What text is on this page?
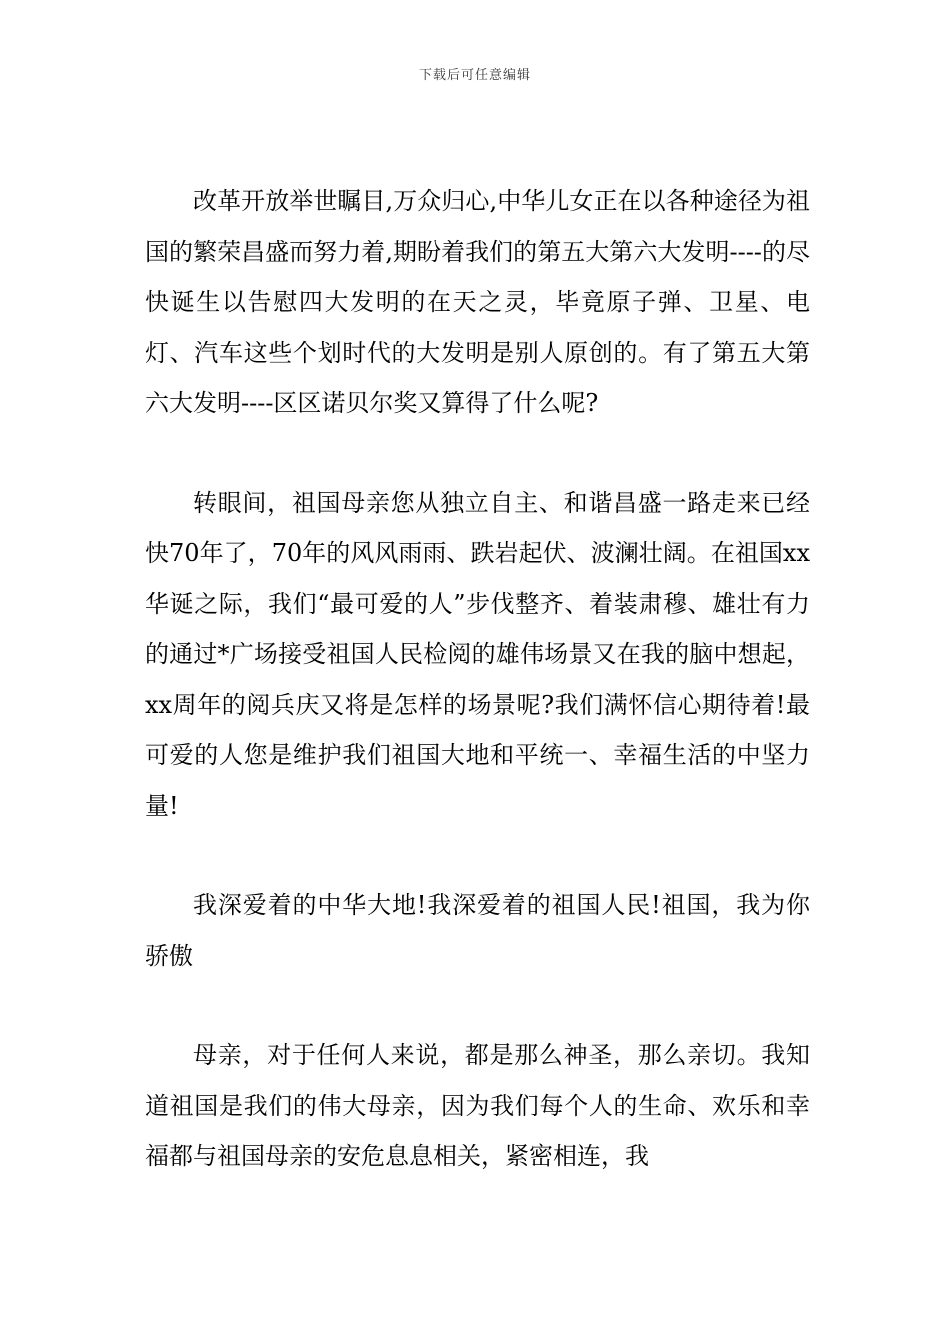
下载后可任意编辑

改革开放举世瞩目,万众归心,中华儿女正在以各种途径为祖国的繁荣昌盛而努力着,期盼着我们的第五大第六大发明----的尽快诞生以告慰四大发明的在天之灵，毕竟原子弹、卫星、电灯、汽车这些个划时代的大发明是别人原创的。有了第五大第六大发明----区区诺贝尔奖又算得了什么呢?

转眼间，祖国母亲您从独立自主、和谐昌盛一路走来已经快70年了，70年的风风雨雨、跌岩起伏、波澜壮阔。在祖国xx华诞之际，我们“最可爱的人”步伐整齐、着装肃穆、雄壮有力的通过*广场接受祖国人民检阅的雄伟场景又在我的脑中想起，xx周年的阅兵庆又将是怎样的场景呢?我们满怀信心期待着!最可爱的人您是维护我们祖国大地和平统一、幸福生活的中坚力量!

我深爱着的中华大地!我深爱着的祖国人民!祖国，我为你骄傲

母亲，对于任何人来说，都是那么神圣，那么亲切。我知道祖国是我们的伟大母亲，因为我们每个人的生命、欢乐和幸福都与祖国母亲的安危息息相关，紧密相连，我
